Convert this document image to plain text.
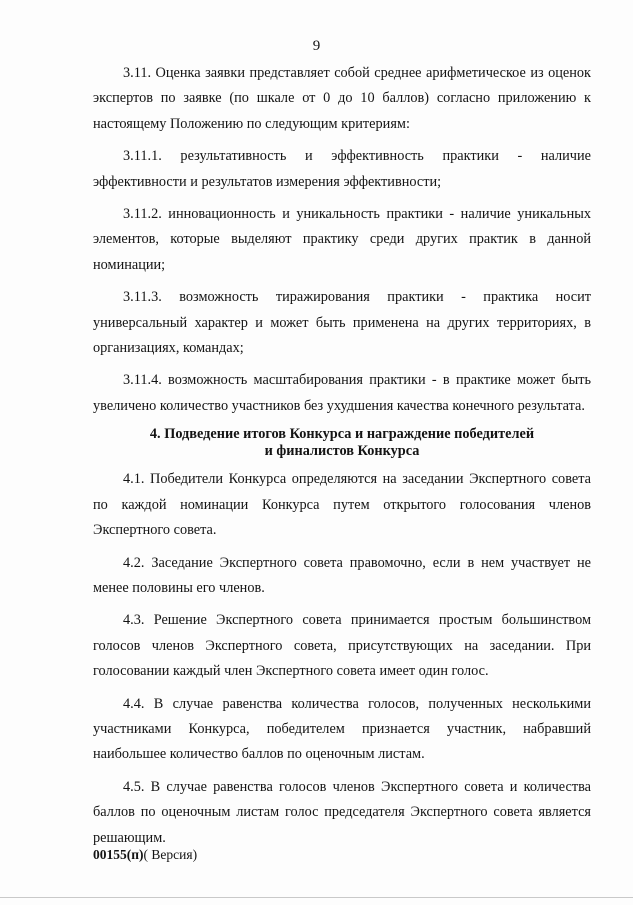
9

3.11. Оценка заявки представляет собой среднее арифметическое из оценок экспертов по заявке (по шкале от 0 до 10 баллов) согласно приложению к настоящему Положению по следующим критериям:

3.11.1. результативность и эффективность практики - наличие эффективности и результатов измерения эффективности;

3.11.2. инновационность и уникальность практики - наличие уникальных элементов, которые выделяют практику среди других практик в данной номинации;

3.11.3. возможность тиражирования практики - практика носит универсальный характер и может быть применена на других территориях, в организациях, командах;

3.11.4. возможность масштабирования практики - в практике может быть увеличено количество участников без ухудшения качества конечного результата.

4. Подведение итогов Конкурса и награждение победителей
и финалистов Конкурса

4.1. Победители Конкурса определяются на заседании Экспертного совета по каждой номинации Конкурса путем открытого голосования членов Экспертного совета.

4.2. Заседание Экспертного совета правомочно, если в нем участвует не менее половины его членов.

4.3. Решение Экспертного совета принимается простым большинством голосов членов Экспертного совета, присутствующих на заседании. При голосовании каждый член Экспертного совета имеет один голос.

4.4. В случае равенства количества голосов, полученных несколькими участниками Конкурса, победителем признается участник, набравший наибольшее количество баллов по оценочным листам.

4.5. В случае равенства голосов членов Экспертного совета и количества баллов по оценочным листам голос председателя Экспертного совета является решающим.

00155(п)( Версия)
